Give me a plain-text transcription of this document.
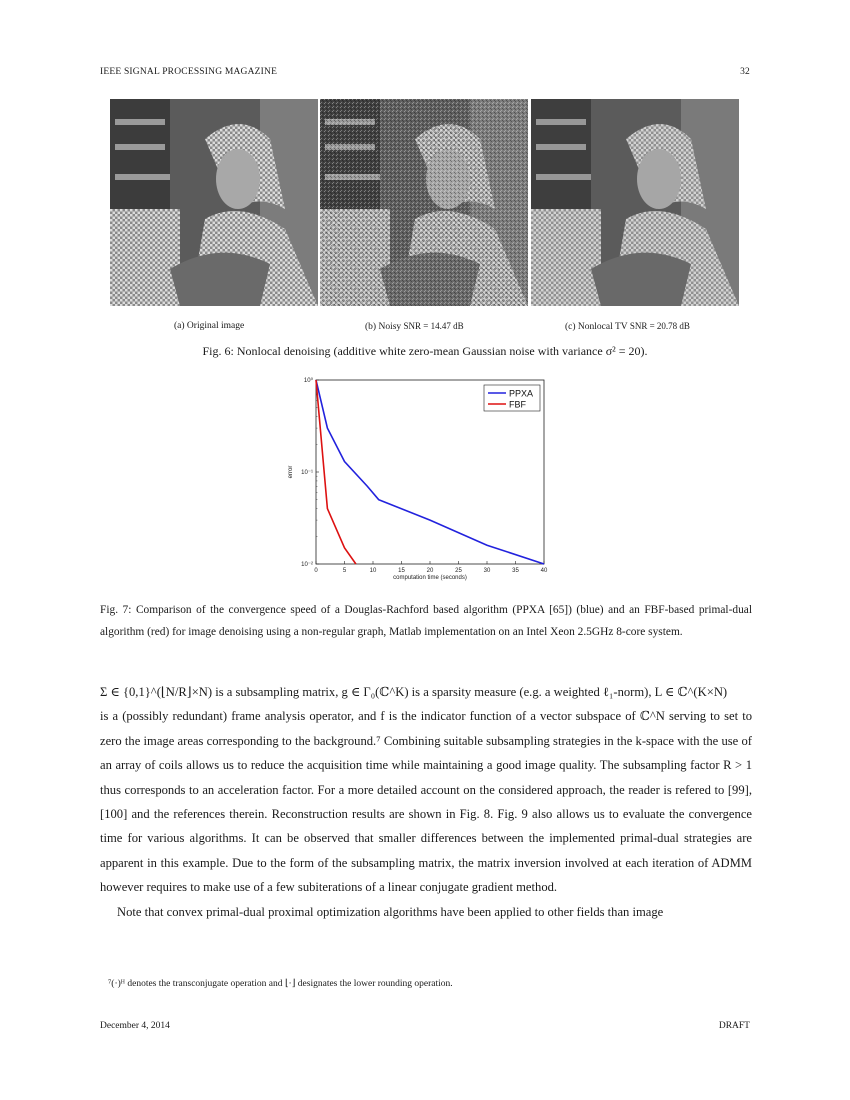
IEEE SIGNAL PROCESSING MAGAZINE	32
(a) Original image	(b) Noisy SNR = 14.47 dB	(c) Nonlocal TV SNR = 20.78 dB
Fig. 6: Nonlocal denoising (additive white zero-mean Gaussian noise with variance σ² = 20).
0	5	10	15	20	25	30	35	40
10⁰
10⁻¹
10⁻²
computation time (seconds)
error
PPXA
FBF
Fig. 7: Comparison of the convergence speed of a Douglas-Rachford based algorithm (PPXA [65]) (blue) and an FBF-based primal-dual algorithm (red) for image denoising using a non-regular graph, Matlab implementation on an Intel Xeon 2.5GHz 8-core system.

Σ ∈ {0,1}^(⌊N/R⌋×N) is a subsampling matrix, g ∈ Γ₀(ℂ^K) is a sparsity measure (e.g. a weighted ℓ₁-norm), L ∈ ℂ^(K×N)

is a (possibly redundant) frame analysis operator, and f is the indicator function of a vector subspace of ℂ^N serving to set to zero the image areas corresponding to the background.⁷ Combining suitable subsampling strategies in the k-space with the use of an array of coils allows us to reduce the acquisition time while maintaining a good image quality. The subsampling factor R > 1 thus corresponds to an acceleration factor. For a more detailed account on the considered approach, the reader is refered to [99], [100] and the references therein. Reconstruction results are shown in Fig. 8. Fig. 9 also allows us to evaluate the convergence time for various algorithms. It can be observed that smaller differences between the implemented primal-dual strategies are apparent in this example. Due to the form of the subsampling matrix, the matrix inversion involved at each iteration of ADMM however requires to make use of a few subiterations of a linear conjugate gradient method.

Note that convex primal-dual proximal optimization algorithms have been applied to other fields than image

⁷(·)ᴴ denotes the transconjugate operation and ⌊·⌋ designates the lower rounding operation.
December 4, 2014	DRAFT
